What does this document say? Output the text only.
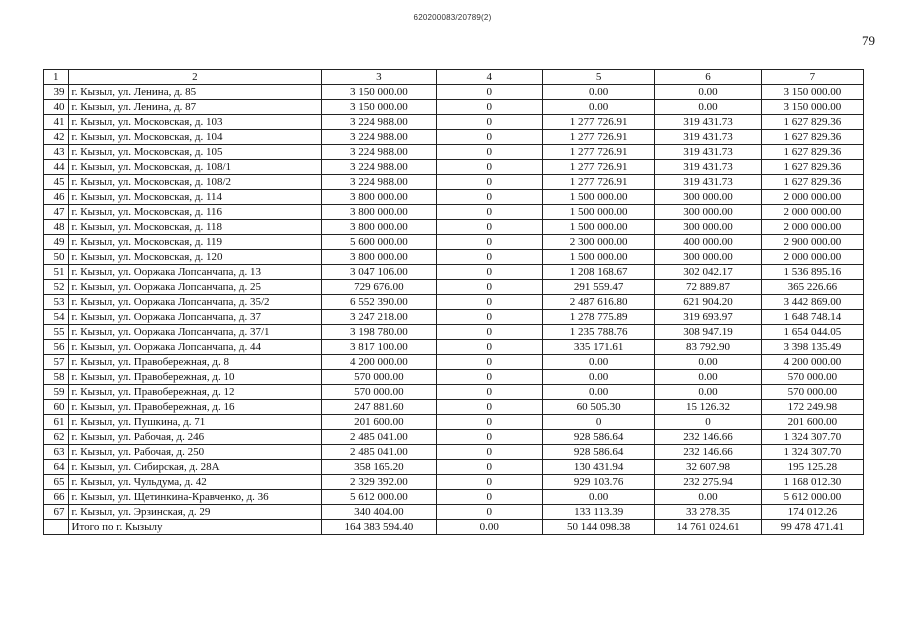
620200083/20789(2)
79
1	2	3	4	5	6	7
39	г. Кызыл, ул. Ленина, д. 85	3 150 000.00	0	0.00	0.00	3 150 000.00
40	г. Кызыл, ул. Ленина, д. 87	3 150 000.00	0	0.00	0.00	3 150 000.00
41	г. Кызыл, ул. Московская, д. 103	3 224 988.00	0	1 277 726.91	319 431.73	1 627 829.36
42	г. Кызыл, ул. Московская, д. 104	3 224 988.00	0	1 277 726.91	319 431.73	1 627 829.36
43	г. Кызыл, ул. Московская, д. 105	3 224 988.00	0	1 277 726.91	319 431.73	1 627 829.36
44	г. Кызыл, ул. Московская, д. 108/1	3 224 988.00	0	1 277 726.91	319 431.73	1 627 829.36
45	г. Кызыл, ул. Московская, д. 108/2	3 224 988.00	0	1 277 726.91	319 431.73	1 627 829.36
46	г. Кызыл, ул. Московская, д. 114	3 800 000.00	0	1 500 000.00	300 000.00	2 000 000.00
47	г. Кызыл, ул. Московская, д. 116	3 800 000.00	0	1 500 000.00	300 000.00	2 000 000.00
48	г. Кызыл, ул. Московская, д. 118	3 800 000.00	0	1 500 000.00	300 000.00	2 000 000.00
49	г. Кызыл, ул. Московская, д. 119	5 600 000.00	0	2 300 000.00	400 000.00	2 900 000.00
50	г. Кызыл, ул. Московская, д. 120	3 800 000.00	0	1 500 000.00	300 000.00	2 000 000.00
51	г. Кызыл, ул. Ооржака Лопсанчапа, д. 13	3 047 106.00	0	1 208 168.67	302 042.17	1 536 895.16
52	г. Кызыл, ул. Ооржака Лопсанчапа, д. 25	729 676.00	0	291 559.47	72 889.87	365 226.66
53	г. Кызыл, ул. Ооржака Лопсанчапа, д. 35/2	6 552 390.00	0	2 487 616.80	621 904.20	3 442 869.00
54	г. Кызыл, ул. Ооржака Лопсанчапа, д. 37	3 247 218.00	0	1 278 775.89	319 693.97	1 648 748.14
55	г. Кызыл, ул. Ооржака Лопсанчапа, д. 37/1	3 198 780.00	0	1 235 788.76	308 947.19	1 654 044.05
56	г. Кызыл, ул. Ооржака Лопсанчапа, д. 44	3 817 100.00	0	335 171.61	83 792.90	3 398 135.49
57	г. Кызыл, ул. Правобережная, д. 8	4 200 000.00	0	0.00	0.00	4 200 000.00
58	г. Кызыл, ул. Правобережная, д. 10	570 000.00	0	0.00	0.00	570 000.00
59	г. Кызыл, ул. Правобережная, д. 12	570 000.00	0	0.00	0.00	570 000.00
60	г. Кызыл, ул. Правобережная, д. 16	247 881.60	0	60 505.30	15 126.32	172 249.98
61	г. Кызыл, ул. Пушкина, д. 71	201 600.00	0	0	0	201 600.00
62	г. Кызыл, ул. Рабочая, д. 246	2 485 041.00	0	928 586.64	232 146.66	1 324 307.70
63	г. Кызыл, ул. Рабочая, д. 250	2 485 041.00	0	928 586.64	232 146.66	1 324 307.70
64	г. Кызыл, ул. Сибирская, д. 28А	358 165.20	0	130 431.94	32 607.98	195 125.28
65	г. Кызыл, ул. Чульдума, д. 42	2 329 392.00	0	929 103.76	232 275.94	1 168 012.30
66	г. Кызыл, ул. Щетинкина-Кравченко, д. 36	5 612 000.00	0	0.00	0.00	5 612 000.00
67	г. Кызыл, ул. Эрзинская, д. 29	340 404.00	0	133 113.39	33 278.35	174 012.26
	Итого по г. Кызылу	164 383 594.40	0.00	50 144 098.38	14 761 024.61	99 478 471.41
